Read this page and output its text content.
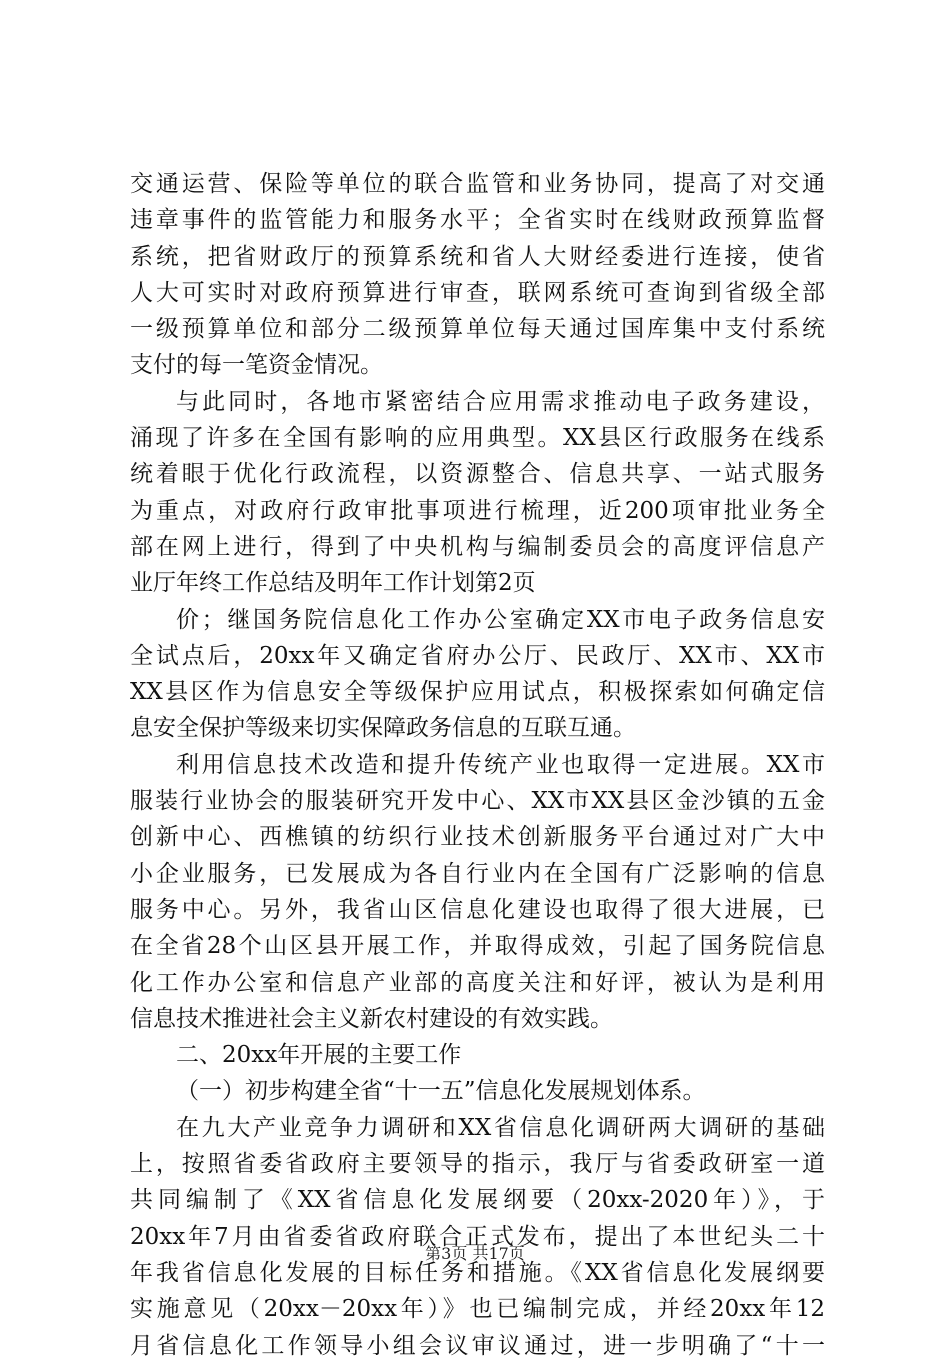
交通运营、保险等单位的联合监管和业务协同，提高了对交通
违章事件的监管能力和服务水平；全省实时在线财政预算监督
系统，把省财政厅的预算系统和省人大财经委进行连接，使省
人大可实时对政府预算进行审查，联网系统可查询到省级全部
一级预算单位和部分二级预算单位每天通过国库集中支付系统
支付的每一笔资金情况。
与此同时，各地市紧密结合应用需求推动电子政务建设，
涌现了许多在全国有影响的应用典型。XX县区行政服务在线系
统着眼于优化行政流程，以资源整合、信息共享、一站式服务
为重点，对政府行政审批事项进行梳理，近200项审批业务全
部在网上进行，得到了中央机构与编制委员会的高度评信息产
业厅年终工作总结及明年工作计划第2页
价；继国务院信息化工作办公室确定XX市电子政务信息安
全试点后，20xx年又确定省府办公厅、民政厅、XX市、XX市
XX县区作为信息安全等级保护应用试点，积极探索如何确定信
息安全保护等级来切实保障政务信息的互联互通。
利用信息技术改造和提升传统产业也取得一定进展。XX市
服装行业协会的服装研究开发中心、XX市XX县区金沙镇的五金
创新中心、西樵镇的纺织行业技术创新服务平台通过对广大中
小企业服务，已发展成为各自行业内在全国有广泛影响的信息
服务中心。另外，我省山区信息化建设也取得了很大进展，已
在全省28个山区县开展工作，并取得成效，引起了国务院信息
化工作办公室和信息产业部的高度关注和好评，被认为是利用
信息技术推进社会主义新农村建设的有效实践。
二、20xx年开展的主要工作
（一）初步构建全省“十一五”信息化发展规划体系。
在九大产业竞争力调研和XX省信息化调研两大调研的基础
上，按照省委省政府主要领导的指示，我厅与省委政研室一道
共同编制了《XX省信息化发展纲要（20xx-2020年）》，于
20xx年7月由省委省政府联合正式发布，提出了本世纪头二十
年我省信息化发展的目标任务和措施。《XX省信息化发展纲要
实施意见（20xx－20xx年）》也已编制完成，并经20xx年12
月省信息化工作领导小组会议审议通过，进一步明确了“十一
第3页 共17页
